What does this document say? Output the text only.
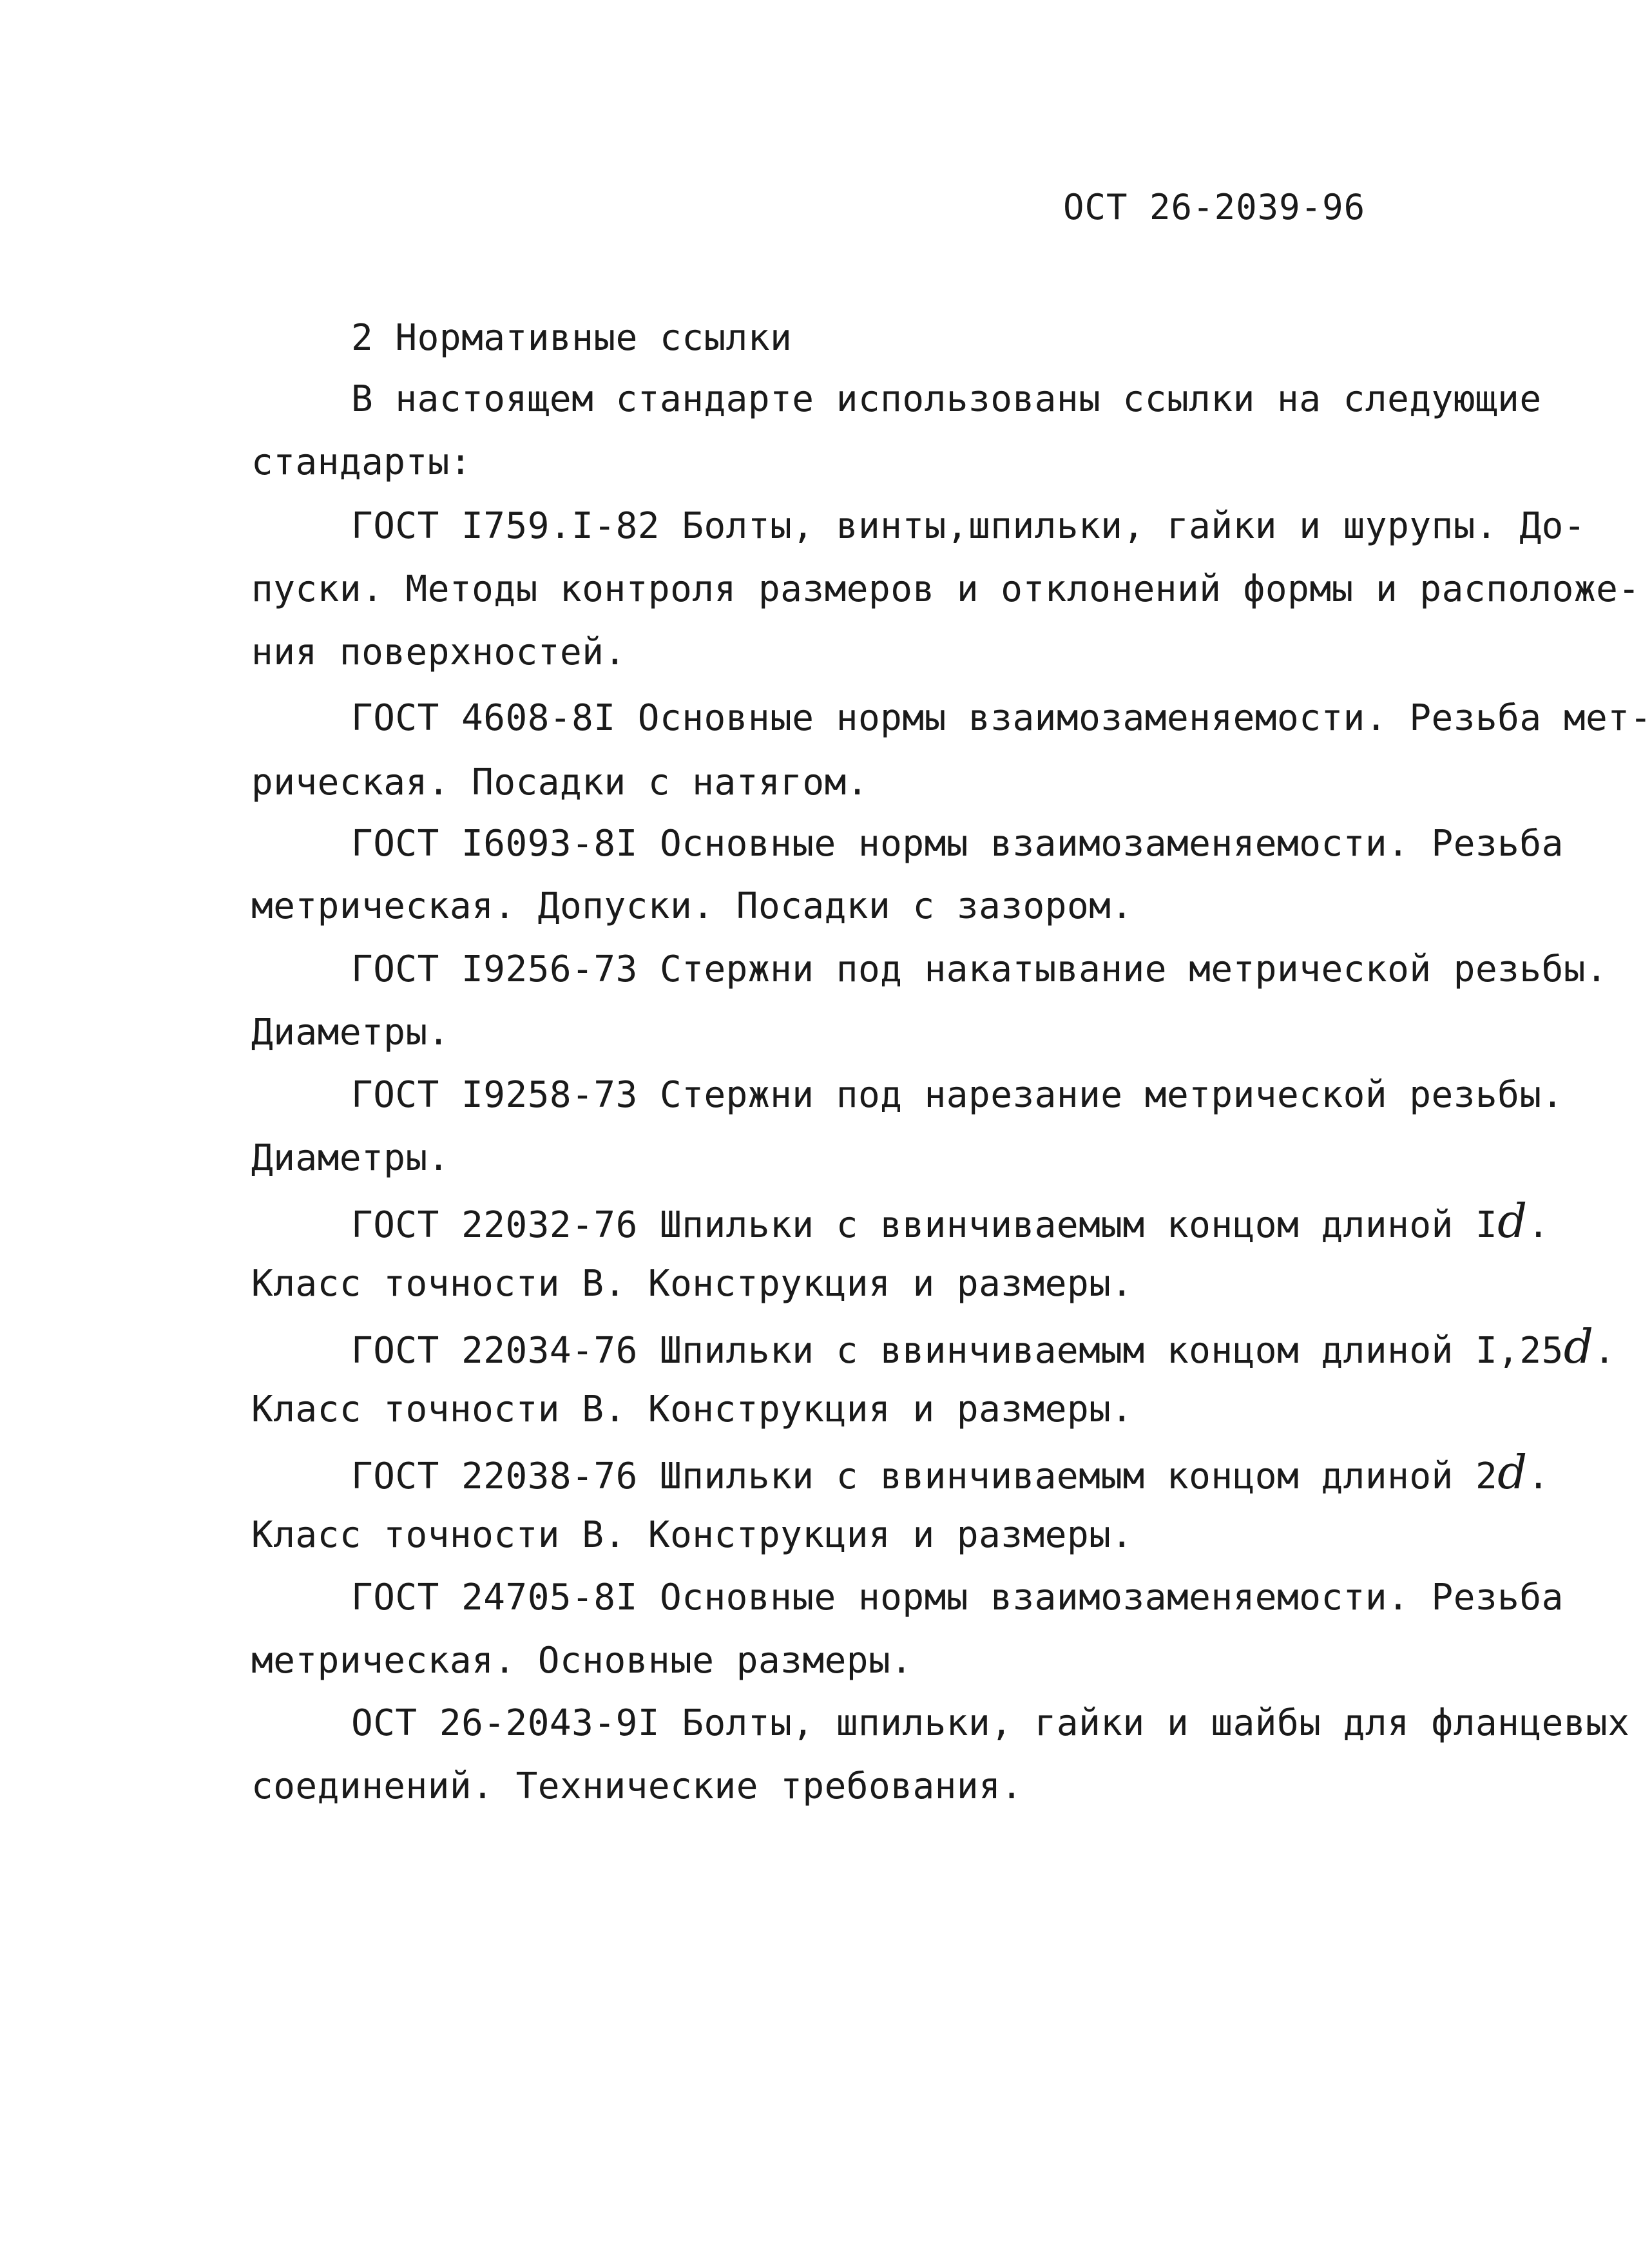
ОСТ 26-2039-96
2 Нормативные ссылки
В настоящем стандарте использованы ссылки на следующие
стандарты:
ГОСТ I759.I-82 Болты, винты,шпильки, гайки и шурупы. До-
пуски. Методы контроля размеров и отклонений формы и расположе-
ния поверхностей.
ГОСТ 4608-8I Основные нормы взаимозаменяемости. Резьба мет-
рическая. Посадки с натягом.
ГОСТ I6093-8I Основные нормы взаимозаменяемости. Резьба
метрическая. Допуски. Посадки с зазором.
ГОСТ I9256-73 Стержни под накатывание метрической резьбы.
Диаметры.
ГОСТ I9258-73 Стержни под нарезание метрической резьбы.
Диаметры.
ГОСТ 22032-76 Шпильки с ввинчиваемым концом длиной Id.
Класс точности В. Конструкция и размеры.
ГОСТ 22034-76 Шпильки с ввинчиваемым концом длиной I,25d.
Класс точности В. Конструкция и размеры.
ГОСТ 22038-76 Шпильки с ввинчиваемым концом длиной 2d.
Класс точности В. Конструкция и размеры.
ГОСТ 24705-8I Основные нормы взаимозаменяемости. Резьба
метрическая. Основные размеры.
ОСТ 26-2043-9I Болты, шпильки, гайки и шайбы для фланцевых
соединений. Технические требования.
